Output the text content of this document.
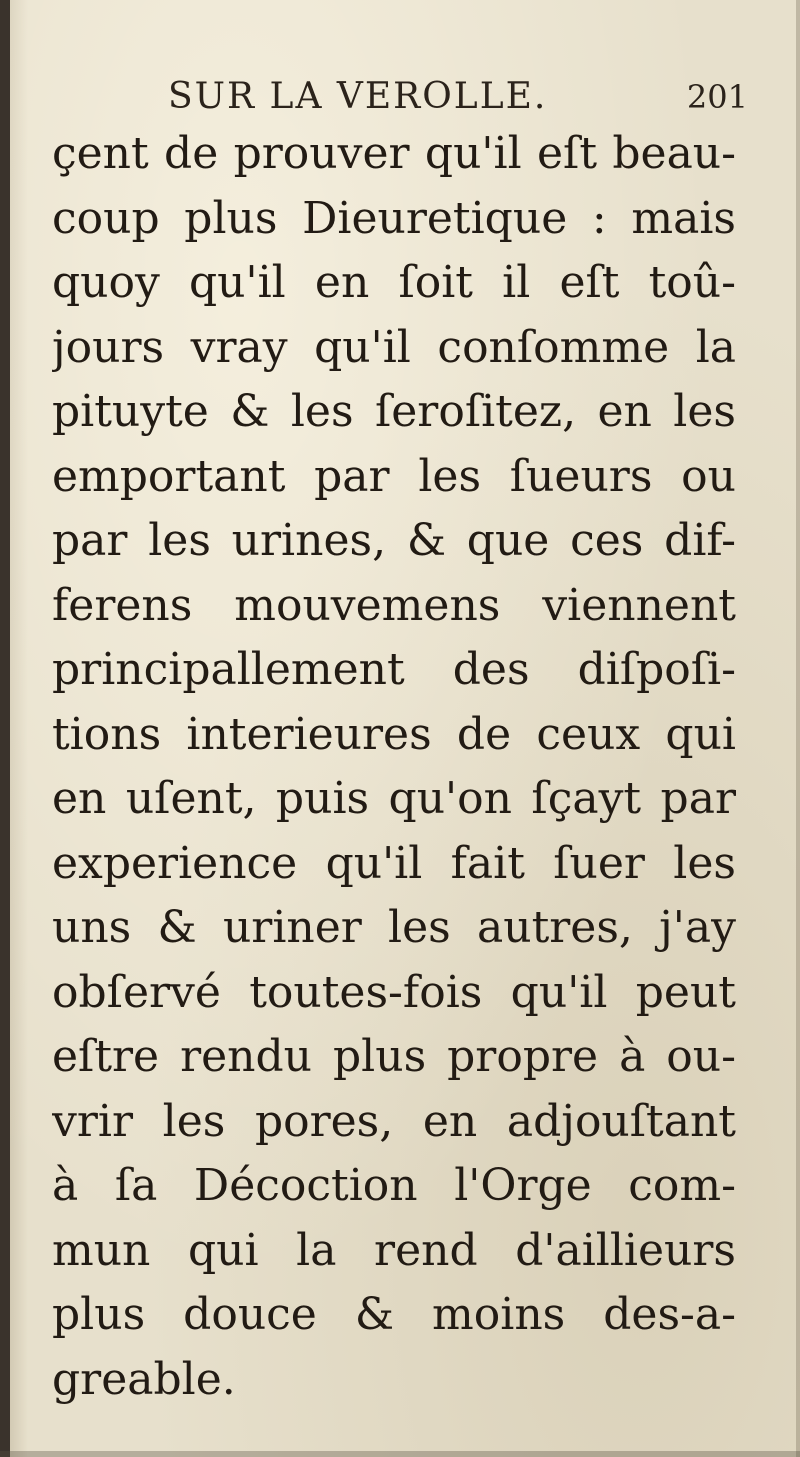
SUR LA VEROLLE.	201
çent de prouver qu'il eſt beau-
coup plus Dieuretique : mais
quoy qu'il en ſoit il eſt toû-
jours vray qu'il conſomme la
pituyte & les ſeroſitez, en les
emportant par les ſueurs ou
par les urines, & que ces dif-
ferens mouvemens viennent
principallement des diſpoſi-
tions interieures de ceux qui
en uſent, puis qu'on ſçayt par
experience qu'il fait ſuer les
uns & uriner les autres, j'ay
obſervé toutes-fois qu'il peut
eſtre rendu plus propre à ou-
vrir les pores, en adjouſtant
à ſa Décoction l'Orge com-
mun qui la rend d'aillieurs
plus douce & moins des-a-
greable.
